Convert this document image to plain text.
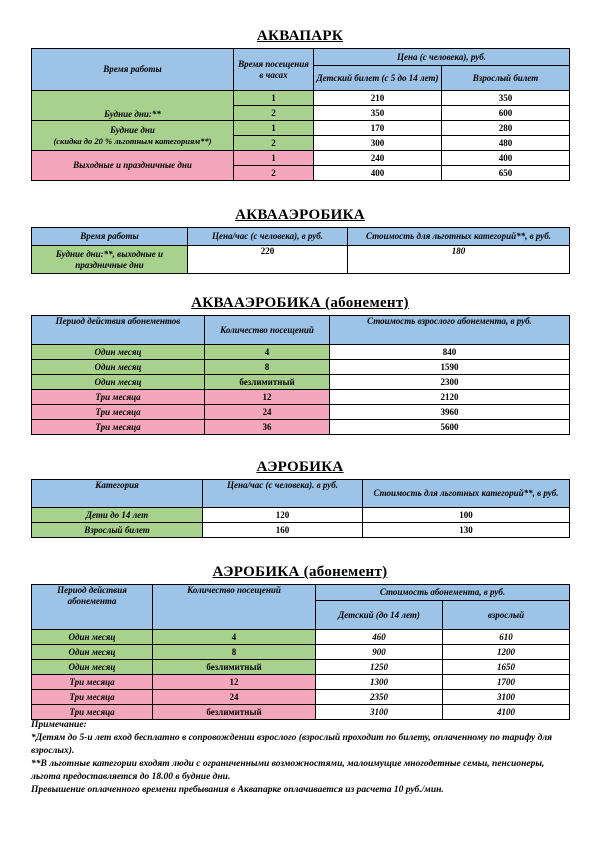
АКВАПАРК
Время работы	Время посещения в часах	Цена (с человека), руб.	
		Детский билет (с 5 до 14 лет)	Взрослый билет
Будние дни:**	1	210	350
	2	350	600

Будние дни
(скидка до 20 % льготным категориям**)	1	170	280
	2	300	480
Выходные и праздничные дни	1	240	400
	2	400	650
АКВААЭРОБИКА
Время работы	Цена/час (с человека), в руб.	Стоимость для льготных категорий**, в руб.
Будние дни:**, выходные и праздничные дни	220	180
АКВААЭРОБИКА (абонемент)
Период действия абонементов	Количество посещений	Стоимость взрослого абонемента, в руб.
Один месяц	4	840
Один месяц	8	1590
Один месяц	безлимитный	2300
Три месяца	12	2120
Три месяца	24	3960
Три месяца	36	5600
АЭРОБИКА
Категория	Цена/час (с человека). в руб.	Стоимость для льготных категорий**, в руб.
Дети до 14 лет	120	100
Взрослый билет	160	130
АЭРОБИКА (абонемент)
Период действия абонемента	Количество посещений	Стоимость абонемента, в руб.	
		Детский (до 14 лет)	взрослый
Один месяц	4	460	610
Один месяц	8	900	1200
Один месяц	безлимитный	1250	1650
Три месяца	12	1300	1700
Три месяца	24	2350	3100
Три месяца	безлимитный	3100	4100

Примечание:

*Детям до 5-и лет вход бесплатно в сопровождении взрослого (взрослый проходит по билету, оплаченному по тарифу для взрослых).

**В льготные категории входят люди с ограниченными возможностями, малоимущие многодетные семьи, пенсионеры, льгота предоставляется до 18.00 в будние дни.

Превышение оплаченного времени пребывания в Аквапарке оплачивается из расчета 10 руб./мин.
